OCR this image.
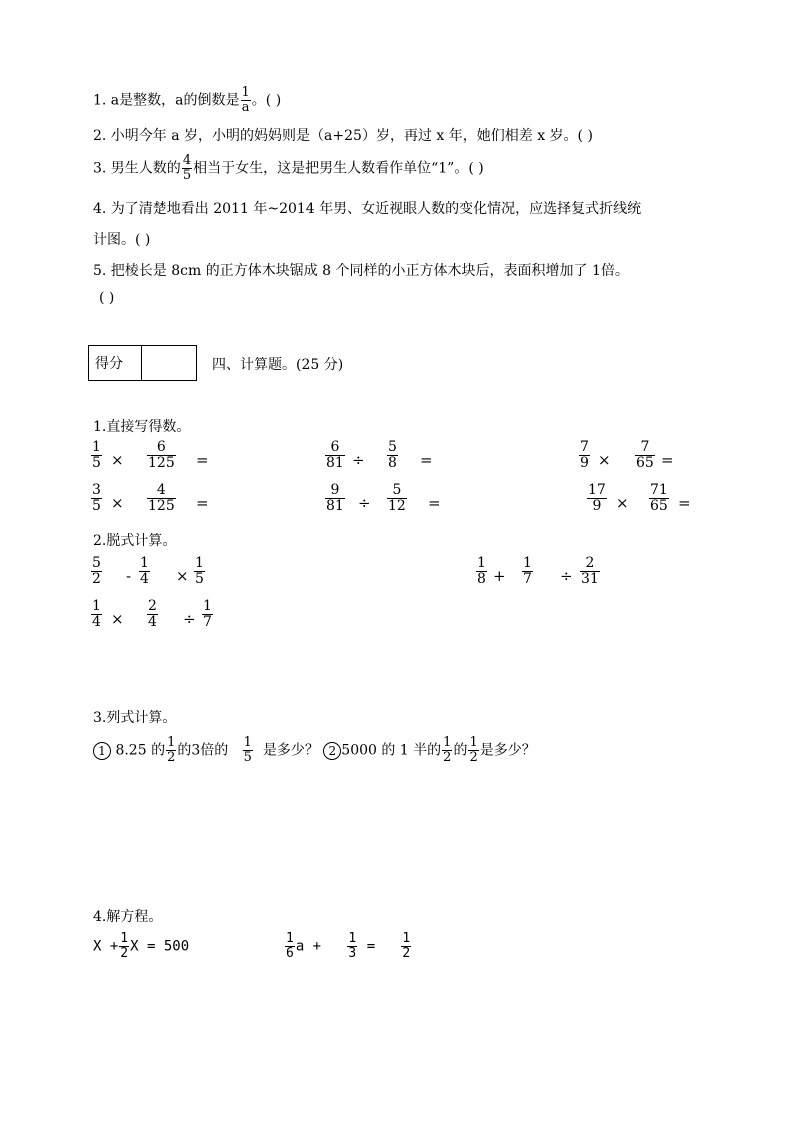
1. a是整数，a的倒数是 $\frac{1}{a}$ 。( )
2. 小明今年 a 岁，小明的妈妈则是（a+25）岁，再过 x 年，她们相差 x 岁。( )
3. 男生人数的 $\frac{4}{5}$ 相当于女生，这是把男生人数看作单位“1”。( )
4. 为了清楚地看出 2011 年~2014 年男、女近视眼人数的变化情况，应选择复式折线统
计图。( )
5. 把棱长是 8cm 的正方体木块锯成 8 个同样的小正方体木块后，表面积增加了 1倍。
( )
得分		四、计算题。(25 分)
1.直接写得数。
$\frac{1}{5} \times \frac{6}{125}$ =	$\frac{6}{81} \div \frac{5}{8}$ =	$\frac{7}{9} \times \frac{7}{65}$ =
$\frac{3}{5} \times \frac{4}{125}$ =	$\frac{9}{81} \div \frac{5}{12}$ =	$\frac{17}{9} \times \frac{71}{65}$ =
2.脱式计算。
$\frac{5}{2} - \frac{1}{4} \times \frac{1}{5}$	$\frac{1}{8} + \frac{1}{7} \div \frac{2}{31}$
$\frac{1}{4} \times \frac{2}{4} \div \frac{1}{7}$
3.列式计算。
1 8.25 的 $\frac{1}{2}$ 的3倍的 $\frac{1}{5}$ 是多少？ 2 5000 的 1 半的 $\frac{1}{2}$ 的 $\frac{1}{2}$ 是多少？
4.解方程。
$X + \frac{1}{2}$ X = 500	$\frac{1}{6}$ $a + \frac{1}{3} = \frac{1}{2}$
